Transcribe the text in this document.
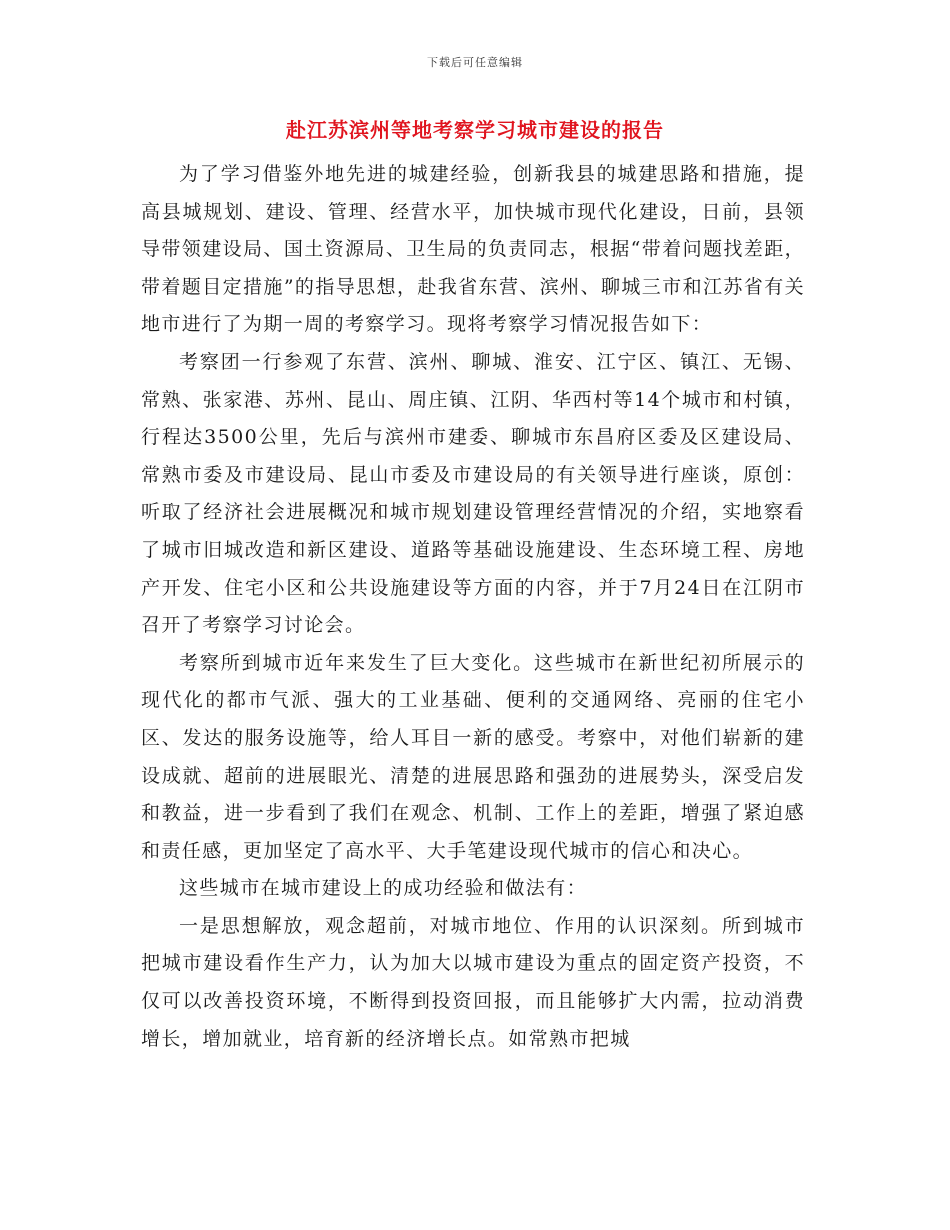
下载后可任意编辑
赴江苏滨州等地考察学习城市建设的报告

为了学习借鉴外地先进的城建经验，创新我县的城建思路和措施，提高县城规划、建设、管理、经营水平，加快城市现代化建设，日前，县领导带领建设局、国土资源局、卫生局的负责同志，根据“带着问题找差距，带着题目定措施”的指导思想，赴我省东营、滨州、聊城三市和江苏省有关地市进行了为期一周的考察学习。现将考察学习情况报告如下：

考察团一行参观了东营、滨州、聊城、淮安、江宁区、镇江、无锡、常熟、张家港、苏州、昆山、周庄镇、江阴、华西村等14个城市和村镇，行程达3500公里，先后与滨州市建委、聊城市东昌府区委及区建设局、常熟市委及市建设局、昆山市委及市建设局的有关领导进行座谈，原创：听取了经济社会进展概况和城市规划建设管理经营情况的介绍，实地察看了城市旧城改造和新区建设、道路等基础设施建设、生态环境工程、房地产开发、住宅小区和公共设施建设等方面的内容，并于7月24日在江阴市召开了考察学习讨论会。

考察所到城市近年来发生了巨大变化。这些城市在新世纪初所展示的现代化的都市气派、强大的工业基础、便利的交通网络、亮丽的住宅小区、发达的服务设施等，给人耳目一新的感受。考察中，对他们崭新的建设成就、超前的进展眼光、清楚的进展思路和强劲的进展势头，深受启发和教益，进一步看到了我们在观念、机制、工作上的差距，增强了紧迫感和责任感，更加坚定了高水平、大手笔建设现代城市的信心和决心。

这些城市在城市建设上的成功经验和做法有：

一是思想解放，观念超前，对城市地位、作用的认识深刻。所到城市把城市建设看作生产力，认为加大以城市建设为重点的固定资产投资，不仅可以改善投资环境，不断得到投资回报，而且能够扩大内需，拉动消费增长，增加就业，培育新的经济增长点。如常熟市把城
